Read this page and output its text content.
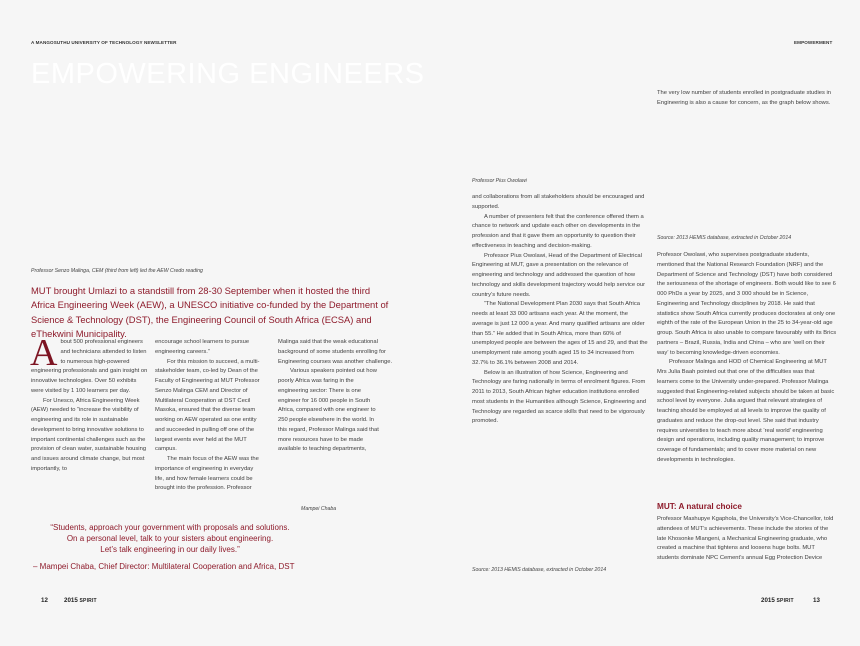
A MANGOSUTHU UNIVERSITY OF TECHNOLOGY NEWSLETTER
EMPOWERING ENGINEERS
Professor Senzo Malinga, CEM (third from left) led the AEW Credo reading
MUT brought Umlazi to a standstill from 28-30 September when it hosted the third Africa Engineering Week (AEW), a UNESCO initiative co-funded by the Department of Science & Technology (DST), the Engineering Council of South Africa (ECSA) and eThekwini Municipality.
A bout 500 professional engineers and technicians attended to listen to numerous high-powered engineering professionals and gain insight on innovative technologies. Over 50 exhibits were visited by 1 100 learners per day.

For Unesco, Africa Engineering Week (AEW) needed to “increase the visibility of engineering and its role in sustainable development to bring innovative solutions to important continental challenges such as the provision of clean water, sustainable housing and issues around climate change, but most importantly, to

encourage school learners to pursue engineering careers.”

For this mission to succeed, a multi-stakeholder team, co-led by Dean of the Faculty of Engineering at MUT Professor Senzo Malinga CEM and Director of Multilateral Cooperation at DST Cecil Masoka, ensured that the diverse team working on AEW operated as one entity and succeeded in pulling off one of the largest events ever held at the MUT campus.

The main focus of the AEW was the importance of engineering in everyday life, and how female learners could be brought into the profession. Professor

Malinga said that the weak educational background of some students enrolling for Engineering courses was another challenge.

Various speakers pointed out how poorly Africa was faring in the engineering sector: There is one engineer for 16 000 people in South Africa, compared with one engineer to 250 people elsewhere in the world. In this regard, Professor Malinga said that more resources have to be made available to teaching departments,

Mampei Chaba
“Students, approach your government with proposals and solutions.
On a personal level, talk to your sisters about engineering.
Let’s talk engineering in our daily lives.”
– Mampei Chaba, Chief Director: Multilateral Cooperation and Africa, DST
12	2015 SPIRIT
EMPOWERMENT
Professor Pius Owolawi

and collaborations from all stakeholders should be encouraged and supported.

A number of presenters felt that the conference offered them a chance to network and update each other on developments in the profession and that it gave them an opportunity to question their effectiveness in teaching and decision-making.

Professor Pius Owolawi, Head of the Department of Electrical Engineering at MUT, gave a presentation on the relevance of engineering and technology and addressed the question of how technology and skills development trajectory would help service our country’s future needs.

“The National Development Plan 2030 says that South Africa needs at least 33 000 artisans each year. At the moment, the average is just 12 000 a year. And many qualified artisans are older than 55.” He added that in South Africa, more than 60% of unemployed people are between the ages of 15 and 29, and that the unemployment rate among youth aged 15 to 34 increased from 32.7% to 36.1% between 2008 and 2014.

Below is an illustration of how Science, Engineering and Technology are faring nationally in terms of enrolment figures. From 2011 to 2013, South African higher education institutions enrolled most students in the Humanities although Science, Engineering and Technology are regarded as scarce skills that need to be vigorously promoted.

Source: 2013 HEMIS database, extracted in October 2014
The very low number of students enrolled in postgraduate studies in Engineering is also a cause for concern, as the graph below shows.
Source: 2013 HEMIS database, extracted in October 2014

Professor Owolawi, who supervises postgraduate students, mentioned that the National Research Foundation (NRF) and the Department of Science and Technology (DST) have both considered the seriousness of the shortage of engineers. Both would like to see 6 000 PhDs a year by 2025, and 3 000 should be in Science, Engineering and Technology disciplines by 2018. He said that statistics show South Africa currently produces doctorates at only one eighth of the rate of the European Union in the 25 to 34-year-old age group. South Africa is also unable to compare favourably with its Brics partners – Brazil, Russia, India and China – who are ‘well on their way’ to becoming knowledge-driven economies.

Professor Malinga and HOD of Chemical Engineering at MUT Mrs Julia Baah pointed out that one of the difficulties was that learners come to the University under-prepared. Professor Malinga suggested that Engineering-related subjects should be taken at basic school level by everyone. Julia argued that relevant strategies of teaching should be employed at all levels to improve the quality of graduates and reduce the drop-out level. She said that industry requires universities to teach more about ‘real world’ engineering design and operations, including quality management; to improve coverage of fundamentals; and to cover more material on new developments in technologies.

MUT: A natural choice
Professor Mashupye Kgaphola, the University’s Vice-Chancellor, told attendees of MUT’s achievements. These include the stories of the late Khosonke Mlangeni, a Mechanical Engineering graduate, who created a machine that tightens and loosens huge bolts. MUT students dominate NPC Cement’s annual Egg Protection Device
2015 SPIRIT	13
